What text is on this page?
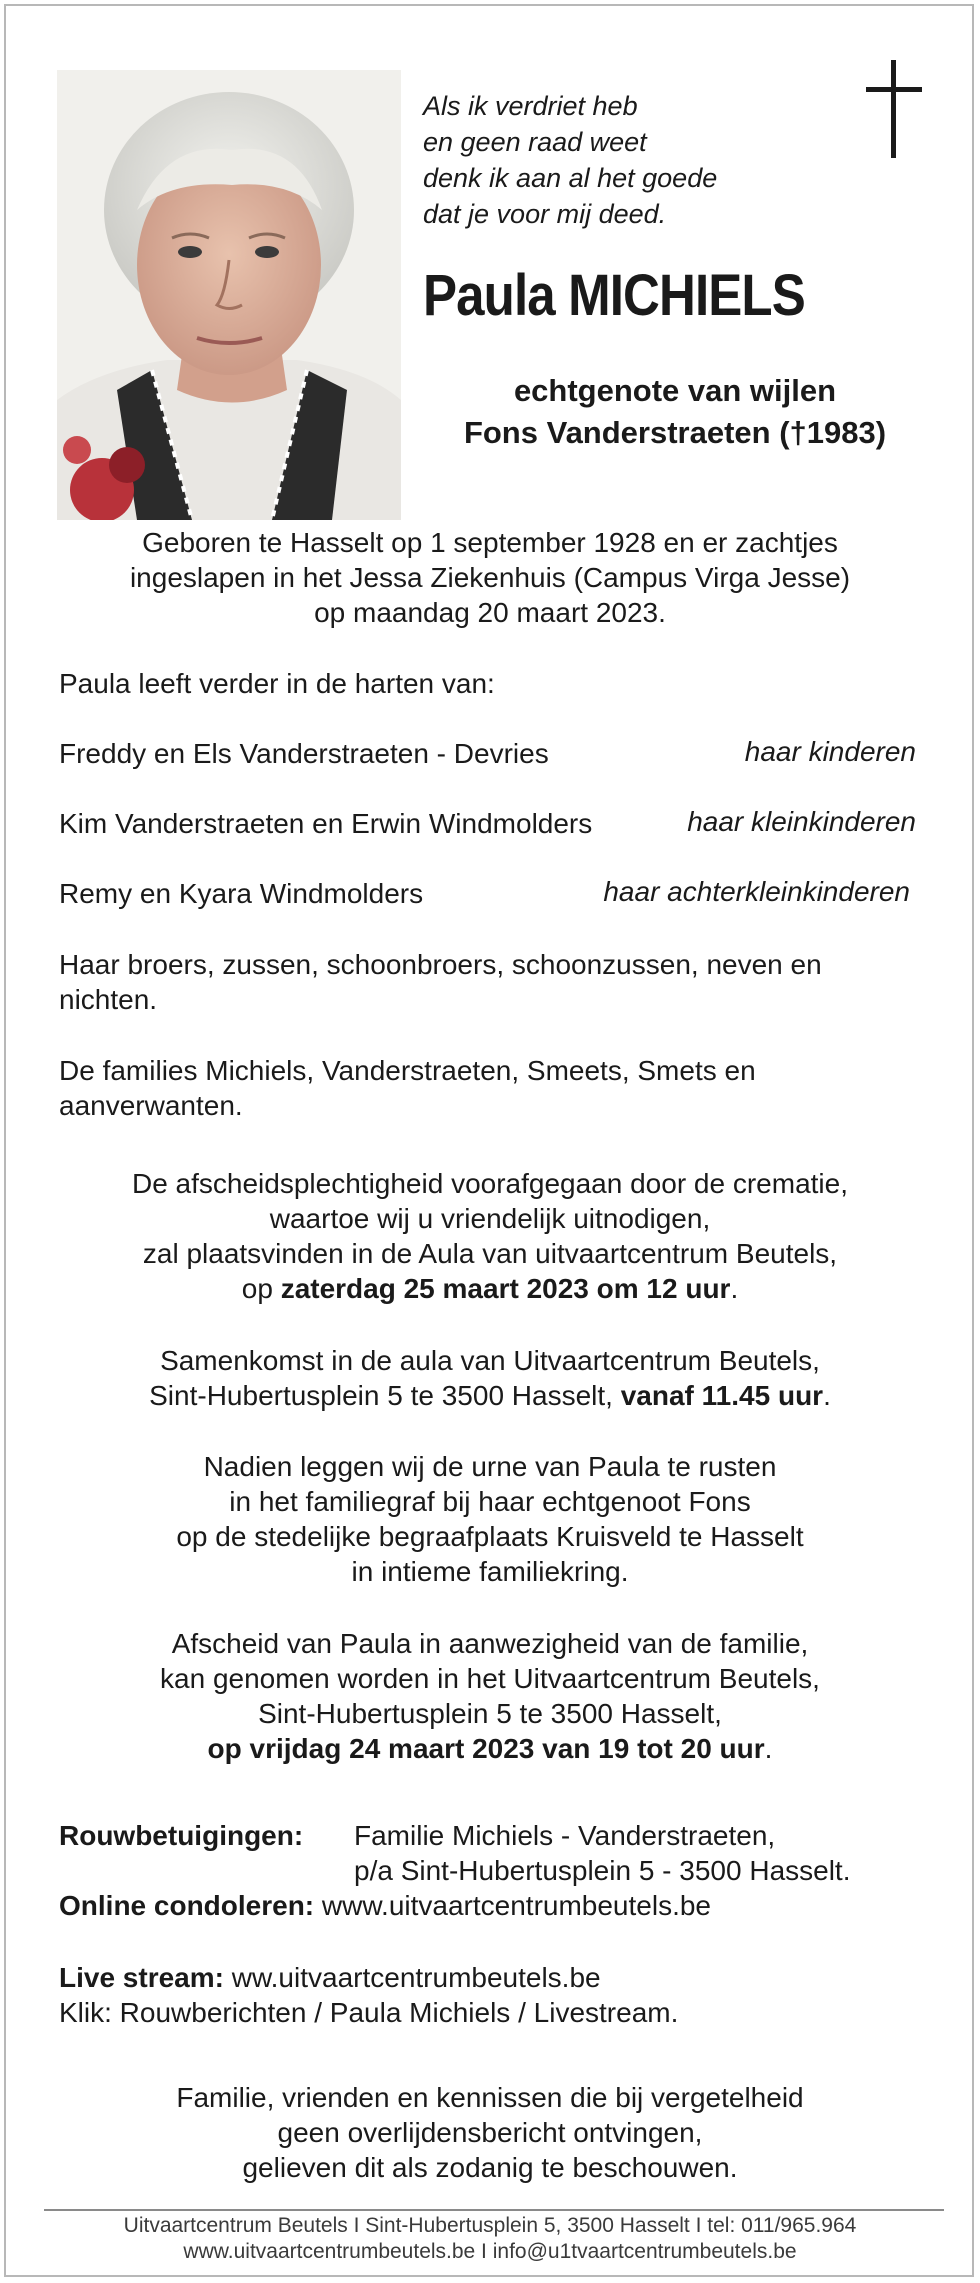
Als ik verdriet heb
en geen raad weet
denk ik aan al het goede
dat je voor mij deed.
Paula MICHIELS
echtgenote van wijlen
Fons Vanderstraeten (†1983)
Geboren te Hasselt op 1 september 1928 en er zachtjes
ingeslapen in het Jessa Ziekenhuis (Campus Virga Jesse)
op maandag 20 maart 2023.
Paula leeft verder in de harten van:
Freddy en Els Vanderstraeten - Devries	haar kinderen
Kim Vanderstraeten en Erwin Windmolders	haar kleinkinderen
Remy en Kyara Windmolders	haar achterkleinkinderen
Haar broers, zussen, schoonbroers, schoonzussen, neven en
nichten.
De families Michiels, Vanderstraeten, Smeets, Smets en
aanverwanten.
De afscheidsplechtigheid voorafgegaan door de crematie,
waartoe wij u vriendelijk uitnodigen,
zal plaatsvinden in de Aula van uitvaartcentrum Beutels,
op zaterdag 25 maart 2023 om 12 uur.
Samenkomst in de aula van Uitvaartcentrum Beutels,
Sint-Hubertusplein 5 te 3500 Hasselt, vanaf 11.45 uur.
Nadien leggen wij de urne van Paula te rusten
in het familiegraf bij haar echtgenoot Fons
op de stedelijke begraafplaats Kruisveld te Hasselt
in intieme familiekring.
Afscheid van Paula in aanwezigheid van de familie,
kan genomen worden in het Uitvaartcentrum Beutels,
Sint-Hubertusplein 5 te 3500 Hasselt,
op vrijdag 24 maart 2023 van 19 tot 20 uur.
Rouwbetuigingen: Familie Michiels - Vanderstraeten,
p/a Sint-Hubertusplein 5 - 3500 Hasselt.
Online condoleren: www.uitvaartcentrumbeutels.be
Live stream: ww.uitvaartcentrumbeutels.be
Klik: Rouwberichten / Paula Michiels / Livestream.
Familie, vrienden en kennissen die bij vergetelheid
geen overlijdensbericht ontvingen,
gelieven dit als zodanig te beschouwen.
Uitvaartcentrum Beutels I Sint-Hubertusplein 5, 3500 Hasselt I tel: 011/965.964
www.uitvaartcentrumbeutels.be I info@u1tvaartcentrumbeutels.be
